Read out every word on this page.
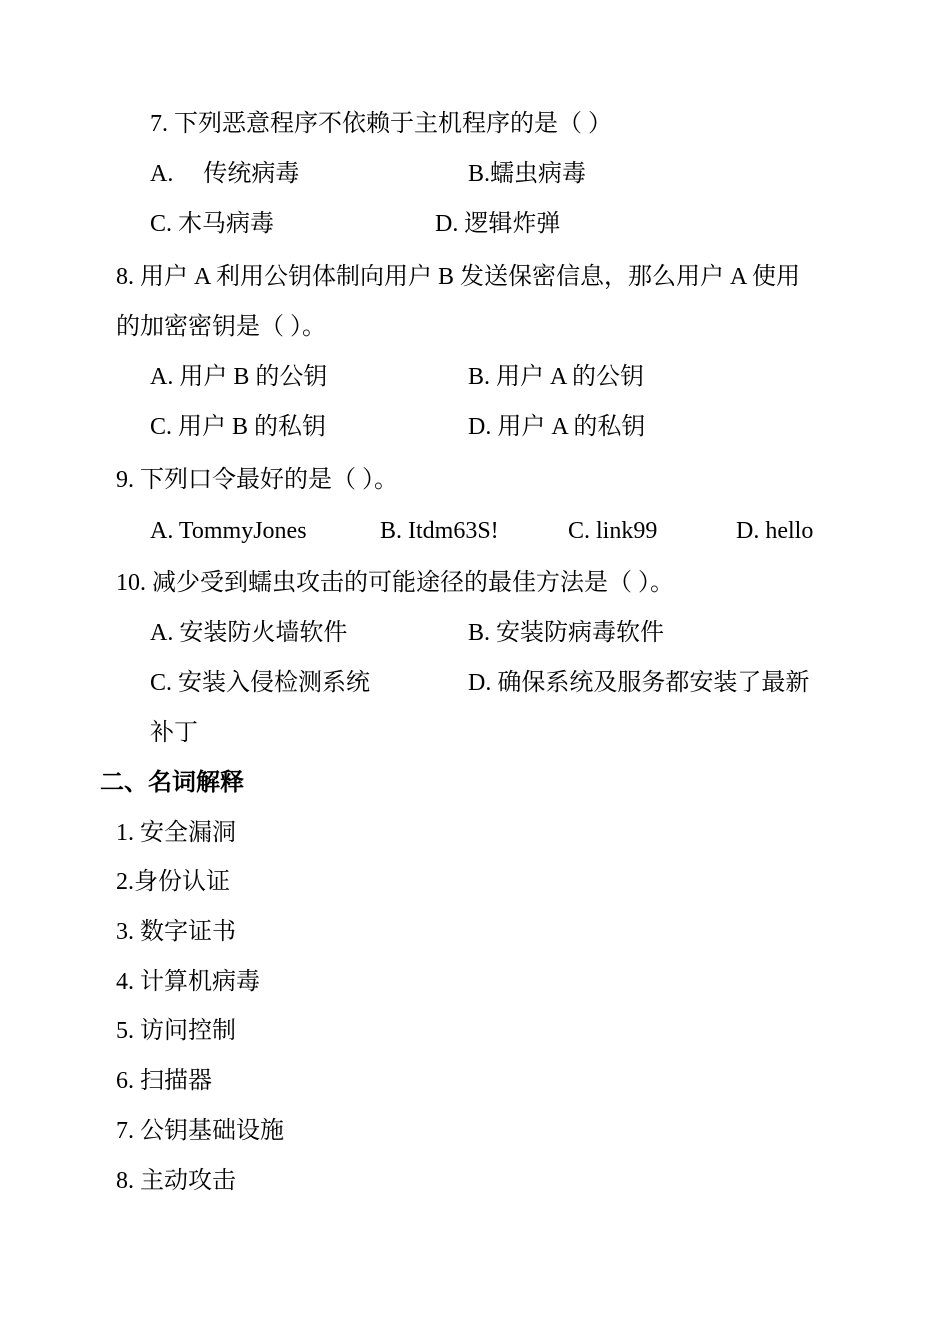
7. 下列恶意程序不依赖于主机程序的是（ ）
A.　 传统病毒	B.蠕虫病毒
C. 木马病毒	D. 逻辑炸弹
8. 用户 A 利用公钥体制向用户 B 发送保密信息，那么用户 A 使用
的加密密钥是（ ）。
A. 用户 B 的公钥	B. 用户 A 的公钥
C. 用户 B 的私钥	D. 用户 A 的私钥
9. 下列口令最好的是（ ）。
A. TommyJones	B. Itdm63S!	C. link99	D. hello
10. 减少受到蠕虫攻击的可能途径的最佳方法是（ ）。
A. 安装防火墙软件	B. 安装防病毒软件
C. 安装入侵检测系统	D. 确保系统及服务都安装了最新
补丁
二、名词解释
1. 安全漏洞
2.身份认证
3. 数字证书
4. 计算机病毒
5. 访问控制
6. 扫描器
7. 公钥基础设施
8. 主动攻击
